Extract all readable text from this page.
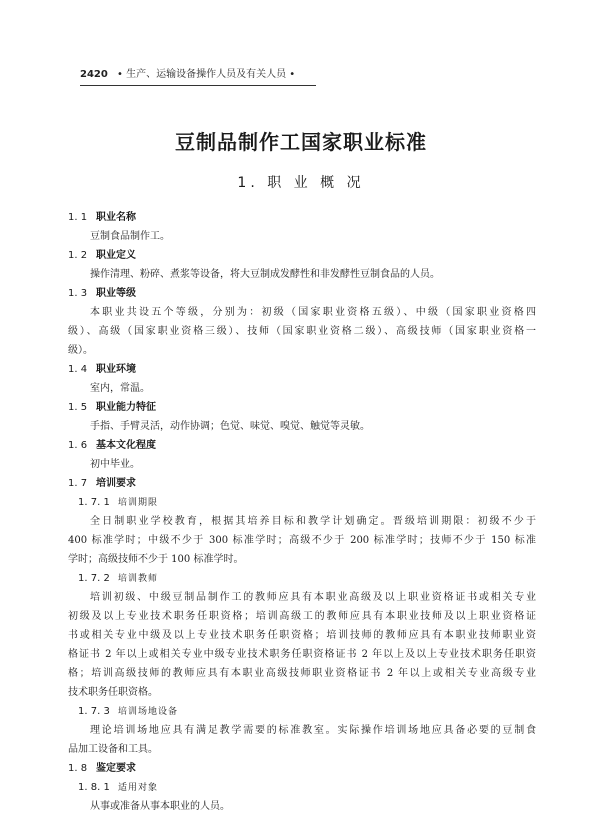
2420 • 生产、运输设备操作人员及有关人员 •
豆制品制作工国家职业标准
1. 职 业 概 况
1. 1 职业名称
豆制食品制作工。
1. 2 职业定义
操作清理、粉碎、煮浆等设备，将大豆制成发酵性和非发酵性豆制食品的人员。
1. 3 职业等级
本职业共设五个等级，分别为：初级（国家职业资格五级）、中级（国家职业资格四
级）、高级（国家职业资格三级）、技师（国家职业资格二级）、高级技师（国家职业资格一
级）。
1. 4 职业环境
室内，常温。
1. 5 职业能力特征
手指、手臂灵活，动作协调；色觉、味觉、嗅觉、触觉等灵敏。
1. 6 基本文化程度
初中毕业。
1. 7 培训要求
1. 7. 1 培训期限
全日制职业学校教育，根据其培养目标和教学计划确定。晋级培训期限：初级不少于
400 标准学时；中级不少于 300 标准学时；高级不少于 200 标准学时；技师不少于 150 标准
学时；高级技师不少于 100 标准学时。
1. 7. 2 培训教师
培训初级、中级豆制品制作工的教师应具有本职业高级及以上职业资格证书或相关专业
初级及以上专业技术职务任职资格；培训高级工的教师应具有本职业技师及以上职业资格证
书或相关专业中级及以上专业技术职务任职资格；培训技师的教师应具有本职业技师职业资
格证书 2 年以上或相关专业中级专业技术职务任职资格证书 2 年以上及以上专业技术职务任职资
格；培训高级技师的教师应具有本职业高级技师职业资格证书 2 年以上或相关专业高级专业
技术职务任职资格。
1. 7. 3 培训场地设备
理论培训场地应具有满足教学需要的标准教室。实际操作培训场地应具备必要的豆制食
品加工设备和工具。
1. 8 鉴定要求
1. 8. 1 适用对象
从事或准备从事本职业的人员。
